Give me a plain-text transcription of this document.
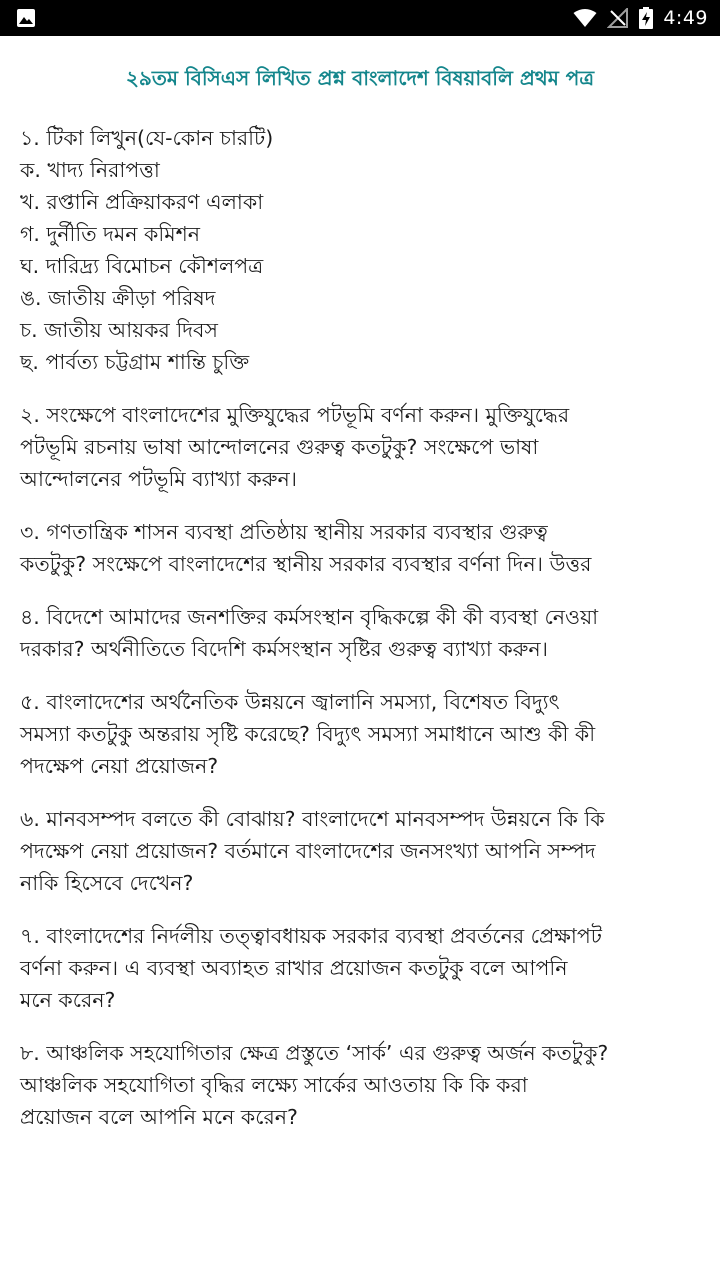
4:49
২৯তম বিসিএস লিখিত প্রশ্ন বাংলাদেশ বিষয়াবলি প্রথম পত্র
১. টিকা লিখুন(যে-কোন চারটি)
ক. খাদ্য নিরাপত্তা
খ. রপ্তানি প্রক্রিয়াকরণ এলাকা
গ. দুর্নীতি দমন কমিশন
ঘ. দারিদ্র্য বিমোচন কৌশলপত্র
ঙ. জাতীয় ক্রীড়া পরিষদ
চ. জাতীয় আয়কর দিবস
ছ. পার্বত্য চট্টগ্রাম শান্তি চুক্তি
২. সংক্ষেপে বাংলাদেশের মুক্তিযুদ্ধের পটভূমি বর্ণনা করুন। মুক্তিযুদ্ধের
পটভূমি রচনায় ভাষা আন্দোলনের গুরুত্ব কতটুকু? সংক্ষেপে ভাষা
আন্দোলনের পটভূমি ব্যাখ্যা করুন।
৩. গণতান্ত্রিক শাসন ব্যবস্থা প্রতিষ্ঠায় স্থানীয় সরকার ব্যবস্থার গুরুত্ব
কতটুকু? সংক্ষেপে বাংলাদেশের স্থানীয় সরকার ব্যবস্থার বর্ণনা দিন। উত্তর
৪. বিদেশে আমাদের জনশক্তির কর্মসংস্থান বৃদ্ধিকল্পে কী কী ব্যবস্থা নেওয়া
দরকার? অর্থনীতিতে বিদেশি কর্মসংস্থান সৃষ্টির গুরুত্ব ব্যাখ্যা করুন।
৫. বাংলাদেশের অর্থনৈতিক উন্নয়নে জ্বালানি সমস্যা, বিশেষত বিদ্যুৎ
সমস্যা কতটুকু অন্তরায় সৃষ্টি করেছে? বিদ্যুৎ সমস্যা সমাধানে আশু কী কী
পদক্ষেপ নেয়া প্রয়োজন?
৬. মানবসম্পদ বলতে কী বোঝায়? বাংলাদেশে মানবসম্পদ উন্নয়নে কি কি
পদক্ষেপ নেয়া প্রয়োজন? বর্তমানে বাংলাদেশের জনসংখ্যা আপনি সম্পদ
নাকি হিসেবে দেখেন?
৭. বাংলাদেশের নির্দলীয় তত্ত্বাবধায়ক সরকার ব্যবস্থা প্রবর্তনের প্রেক্ষাপট
বর্ণনা করুন। এ ব্যবস্থা অব্যাহত রাখার প্রয়োজন কতটুকু বলে আপনি
মনে করেন?
৮. আঞ্চলিক সহযোগিতার ক্ষেত্র প্রস্তুতে ‘সার্ক’ এর গুরুত্ব অর্জন কতটুকু?
আঞ্চলিক সহযোগিতা বৃদ্ধির লক্ষ্যে সার্কের আওতায় কি কি করা
প্রয়োজন বলে আপনি মনে করেন?
